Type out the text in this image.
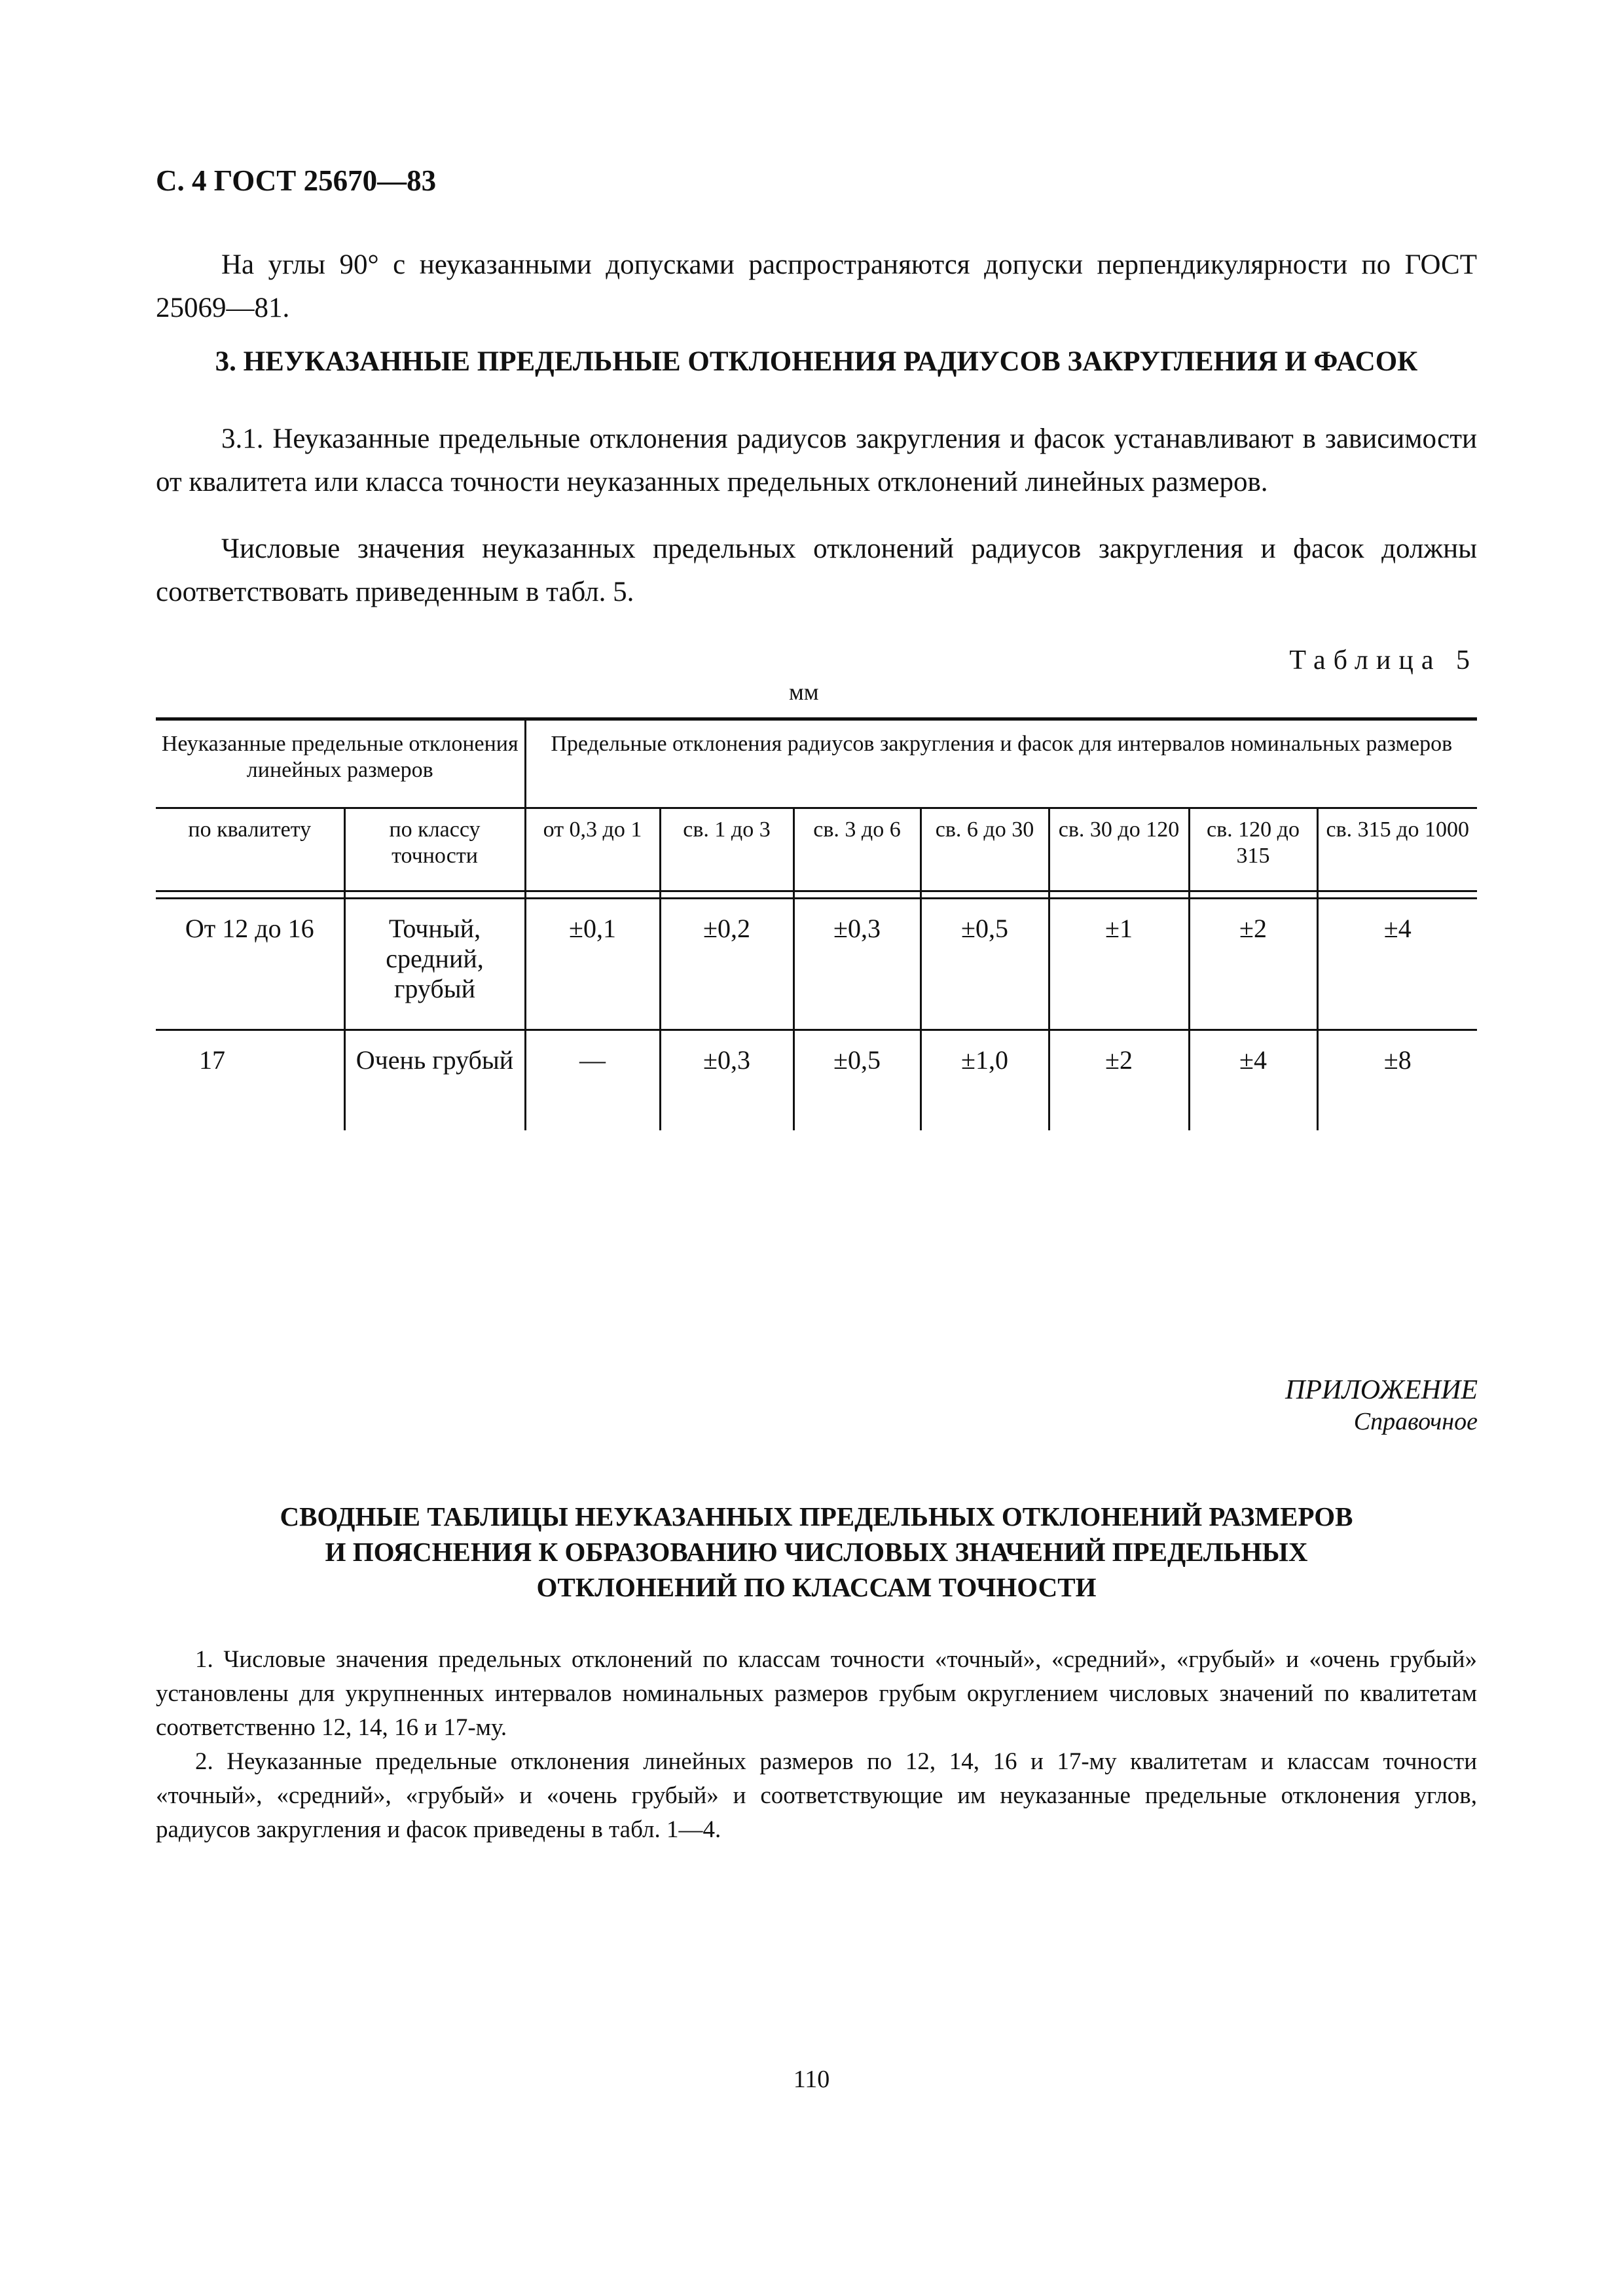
С. 4 ГОСТ 25670—83
На углы 90° с неуказанными допусками распространяются допуски перпендикулярности по ГОСТ 25069—81.
3. НЕУКАЗАННЫЕ ПРЕДЕЛЬНЫЕ ОТКЛОНЕНИЯ РАДИУСОВ ЗАКРУГЛЕНИЯ И ФАСОК
3.1. Неуказанные предельные отклонения радиусов закругления и фасок устанавливают в зависимости от квалитета или класса точности неуказанных предельных отклонений линейных размеров.
Числовые значения неуказанных предельных отклонений радиусов закругления и фасок должны соответствовать приведенным в табл. 5.
Таблица 5
мм
Неуказанные предельные отклонения линейных размеров		Предельные отклонения радиусов закругления и фасок для интервалов номинальных размеров						
по квалитету	по классу точности	от 0,3 до 1	св. 1 до 3	св. 3 до 6	св. 6 до 30	св. 30 до 120	св. 120 до 315	св. 315 до 1000

От 12 до 16	Точный, средний, грубый	±0,1	±0,2	±0,3	±0,5	±1	±2	±4
17	Очень грубый	—	±0,3	±0,5	±1,0	±2	±4	±8
ПРИЛОЖЕНИЕ
Справочное
СВОДНЫЕ ТАБЛИЦЫ НЕУКАЗАННЫХ ПРЕДЕЛЬНЫХ ОТКЛОНЕНИЙ РАЗМЕРОВ
И ПОЯСНЕНИЯ К ОБРАЗОВАНИЮ ЧИСЛОВЫХ ЗНАЧЕНИЙ ПРЕДЕЛЬНЫХ
ОТКЛОНЕНИЙ ПО КЛАССАМ ТОЧНОСТИ
1. Числовые значения предельных отклонений по классам точности «точный», «средний», «грубый» и «очень грубый» установлены для укрупненных интервалов номинальных размеров грубым округлением числовых значений по квалитетам соответственно 12, 14, 16 и 17-му.
2. Неуказанные предельные отклонения линейных размеров по 12, 14, 16 и 17-му квалитетам и классам точности «точный», «средний», «грубый» и «очень грубый» и соответствующие им неуказанные предельные отклонения углов, радиусов закругления и фасок приведены в табл. 1—4.
110
